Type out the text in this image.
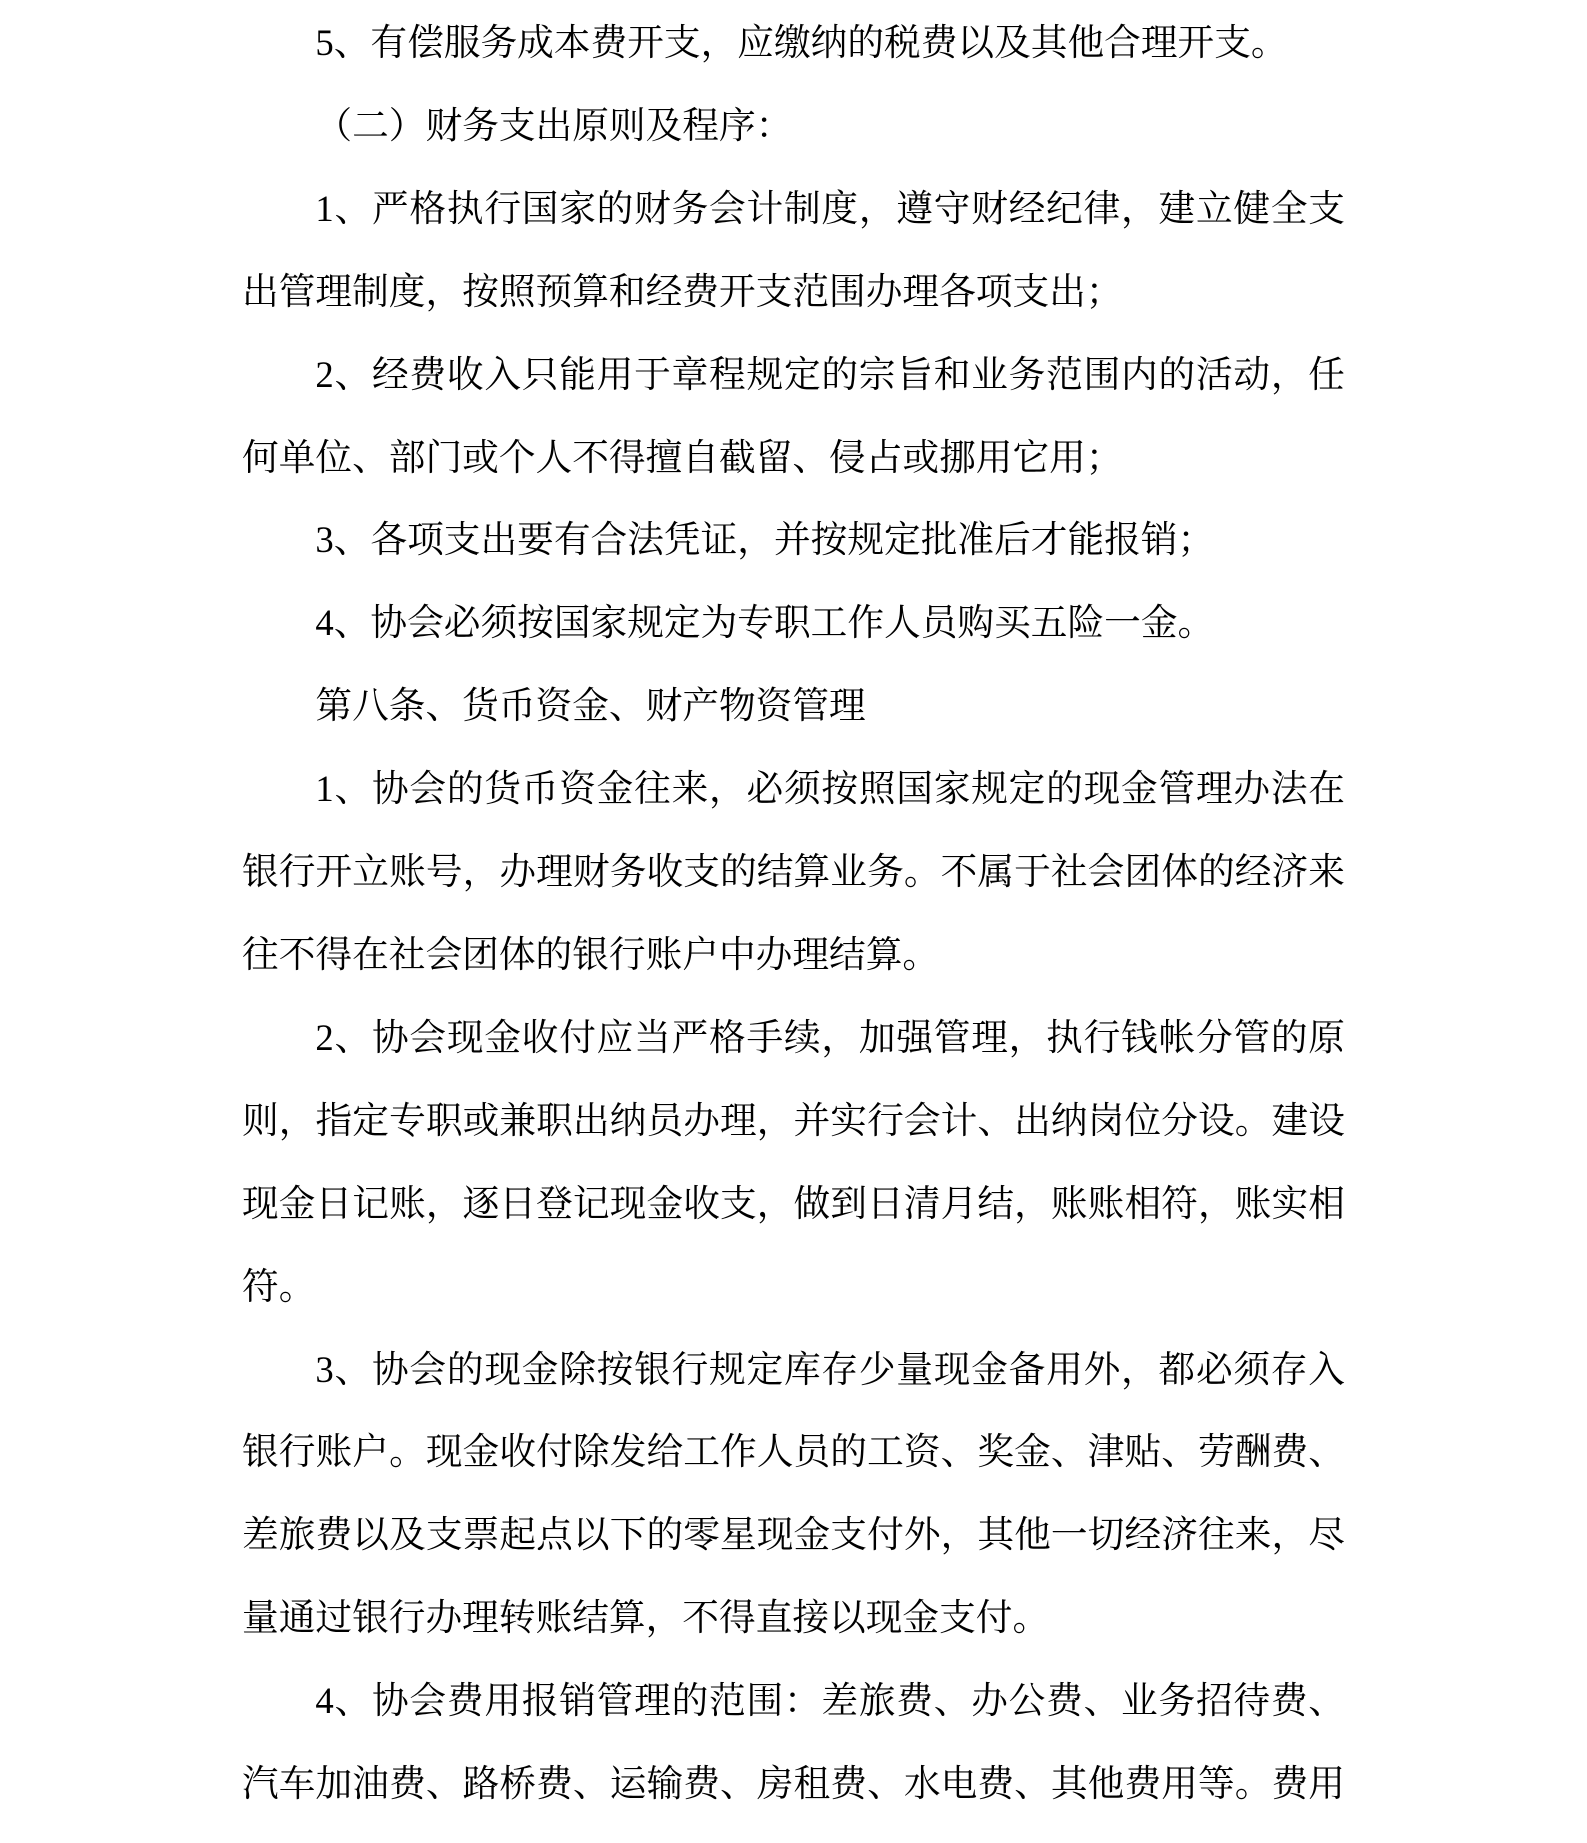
5、有偿服务成本费开支，应缴纳的税费以及其他合理开支。
（二）财务支出原则及程序：
1、严格执行国家的财务会计制度，遵守财经纪律，建立健全支
出管理制度，按照预算和经费开支范围办理各项支出；
2、经费收入只能用于章程规定的宗旨和业务范围内的活动，任
何单位、部门或个人不得擅自截留、侵占或挪用它用；
3、各项支出要有合法凭证，并按规定批准后才能报销；
4、协会必须按国家规定为专职工作人员购买五险一金。
第八条、货币资金、财产物资管理
1、协会的货币资金往来，必须按照国家规定的现金管理办法在
银行开立账号，办理财务收支的结算业务。不属于社会团体的经济来
往不得在社会团体的银行账户中办理结算。
2、协会现金收付应当严格手续，加强管理，执行钱帐分管的原
则，指定专职或兼职出纳员办理，并实行会计、出纳岗位分设。建设
现金日记账，逐日登记现金收支，做到日清月结，账账相符，账实相
符。
3、协会的现金除按银行规定库存少量现金备用外，都必须存入
银行账户。现金收付除发给工作人员的工资、奖金、津贴、劳酬费、
差旅费以及支票起点以下的零星现金支付外，其他一切经济往来，尽
量通过银行办理转账结算，不得直接以现金支付。
4、协会费用报销管理的范围：差旅费、办公费、业务招待费、
汽车加油费、路桥费、运输费、房租费、水电费、其他费用等。费用
